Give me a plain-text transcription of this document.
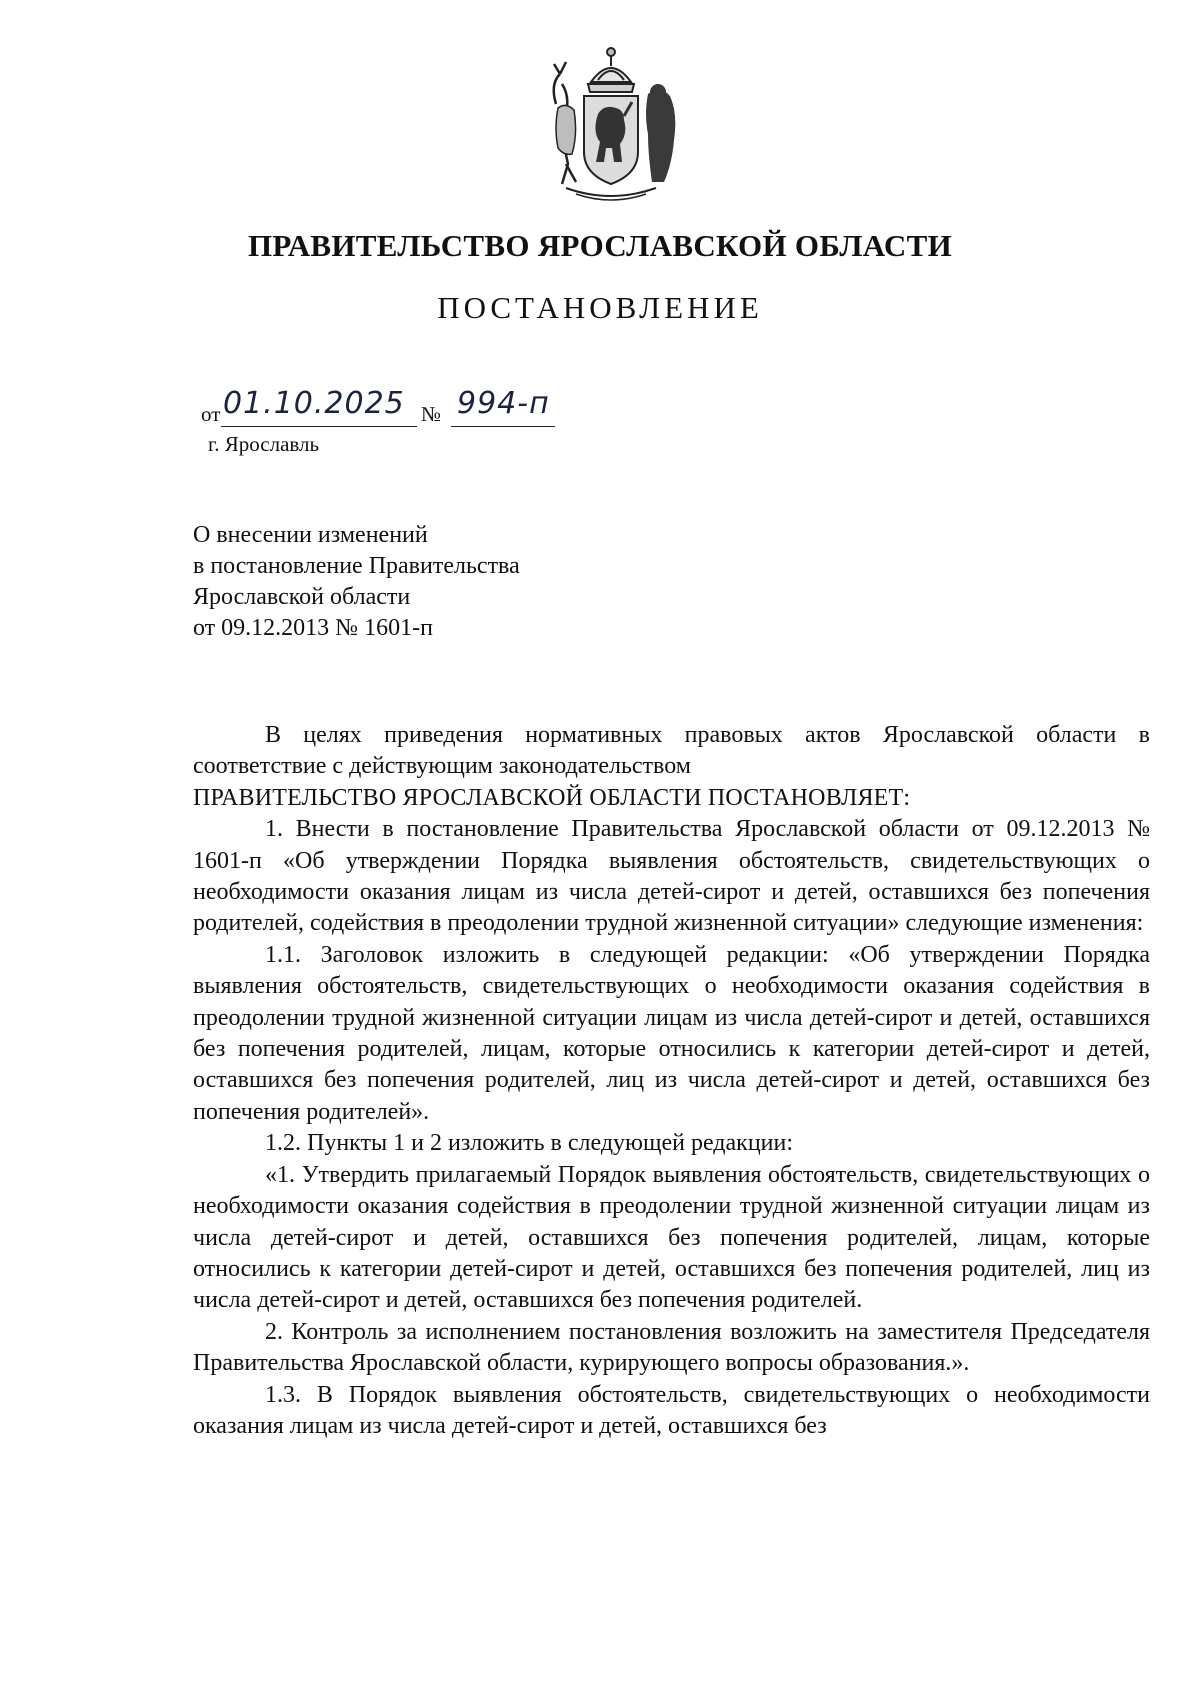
ПРАВИТЕЛЬСТВО ЯРОСЛАВСКОЙ ОБЛАСТИ
ПОСТАНОВЛЕНИЕ
от 01.10.2025 № 994-п
г. Ярославль
О внесении изменений
в постановление Правительства
Ярославской области
от 09.12.2013 № 1601-п

В целях приведения нормативных правовых актов Ярославской области в соответствие с действующим законодательством

ПРАВИТЕЛЬСТВО ЯРОСЛАВСКОЙ ОБЛАСТИ ПОСТАНОВЛЯЕТ:

1. Внести в постановление Правительства Ярославской области от 09.12.2013 № 1601-п «Об утверждении Порядка выявления обстоятельств, свидетельствующих о необходимости оказания лицам из числа детей-сирот и детей, оставшихся без попечения родителей, содействия в преодолении трудной жизненной ситуации» следующие изменения:

1.1. Заголовок изложить в следующей редакции: «Об утверждении Порядка выявления обстоятельств, свидетельствующих о необходимости оказания содействия в преодолении трудной жизненной ситуации лицам из числа детей-сирот и детей, оставшихся без попечения родителей, лицам, которые относились к категории детей-сирот и детей, оставшихся без попечения родителей, лиц из числа детей-сирот и детей, оставшихся без попечения родителей».

1.2. Пункты 1 и 2 изложить в следующей редакции:

«1. Утвердить прилагаемый Порядок выявления обстоятельств, свидетельствующих о необходимости оказания содействия в преодолении трудной жизненной ситуации лицам из числа детей-сирот и детей, оставшихся без попечения родителей, лицам, которые относились к категории детей-сирот и детей, оставшихся без попечения родителей, лиц из числа детей-сирот и детей, оставшихся без попечения родителей.

2. Контроль за исполнением постановления возложить на заместителя Председателя Правительства Ярославской области, курирующего вопросы образования.».

1.3. В Порядок выявления обстоятельств, свидетельствующих о необходимости оказания лицам из числа детей-сирот и детей, оставшихся без
